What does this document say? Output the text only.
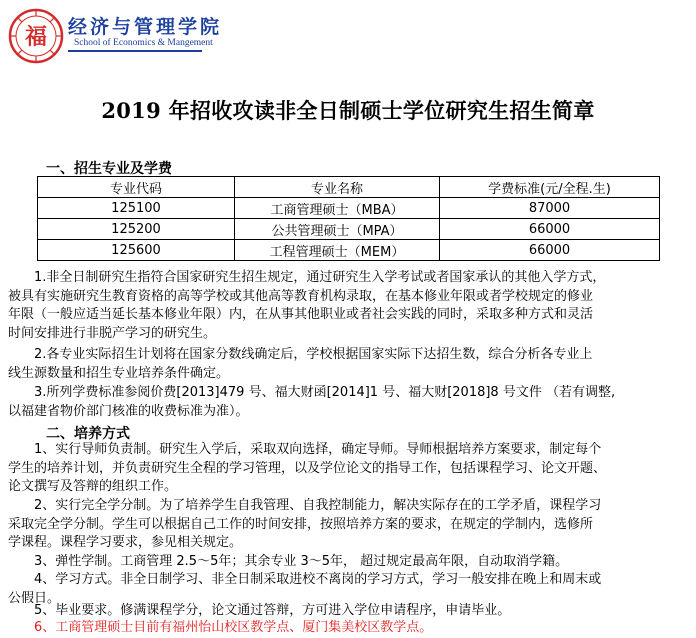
福 经济与管理学院
School of Economics & Mangement
2019 年招收攻读非全日制硕士学位研究生招生简章
一、招生专业及学费
专业代码	专业名称	学费标准(元/全程.生)
125100	工商管理硕士（MBA）	87000
125200	公共管理硕士（MPA）	66000
125600	工程管理硕士（MEM）	66000
1.非全日制研究生指符合国家研究生招生规定，通过研究生入学考试或者国家承认的其他入学方式，
被具有实施研究生教育资格的高等学校或其他高等教育机构录取，在基本修业年限或者学校规定的修业
年限（一般应适当延长基本修业年限）内，在从事其他职业或者社会实践的同时，采取多种方式和灵活
时间安排进行非脱产学习的研究生。
2.各专业实际招生计划将在国家分数线确定后，学校根据国家实际下达招生数，综合分析各专业上
线生源数量和招生专业培养条件确定。
3.所列学费标准参阅价费[2013]479 号、福大财函[2014]1 号、福大财[2018]8 号文件 （若有调整,
以福建省物价部门核准的收费标准为准）。
二、培养方式
1、实行导师负责制。研究生入学后，采取双向选择，确定导师。导师根据培养方案要求，制定每个
学生的培养计划，并负责研究生全程的学习管理，以及学位论文的指导工作，包括课程学习、论文开题、
论文撰写及答辩的组织工作。
2、实行完全学分制。为了培养学生自我管理、自我控制能力，解决实际存在的工学矛盾，课程学习
采取完全学分制。学生可以根据自己工作的时间安排，按照培养方案的要求，在规定的学制内，选修所
学课程。课程学习要求，参见相关规定。
3、弹性学制。工商管理 2.5～5年；其余专业 3～5年， 超过规定最高年限，自动取消学籍。
4、学习方式。非全日制学习、非全日制采取进校不离岗的学习方式，学习一般安排在晚上和周末或
公假日。
5、毕业要求。修满课程学分，论文通过答辩，方可进入学位申请程序，申请毕业。
6、工商管理硕士目前有福州怡山校区教学点、厦门集美校区教学点。
